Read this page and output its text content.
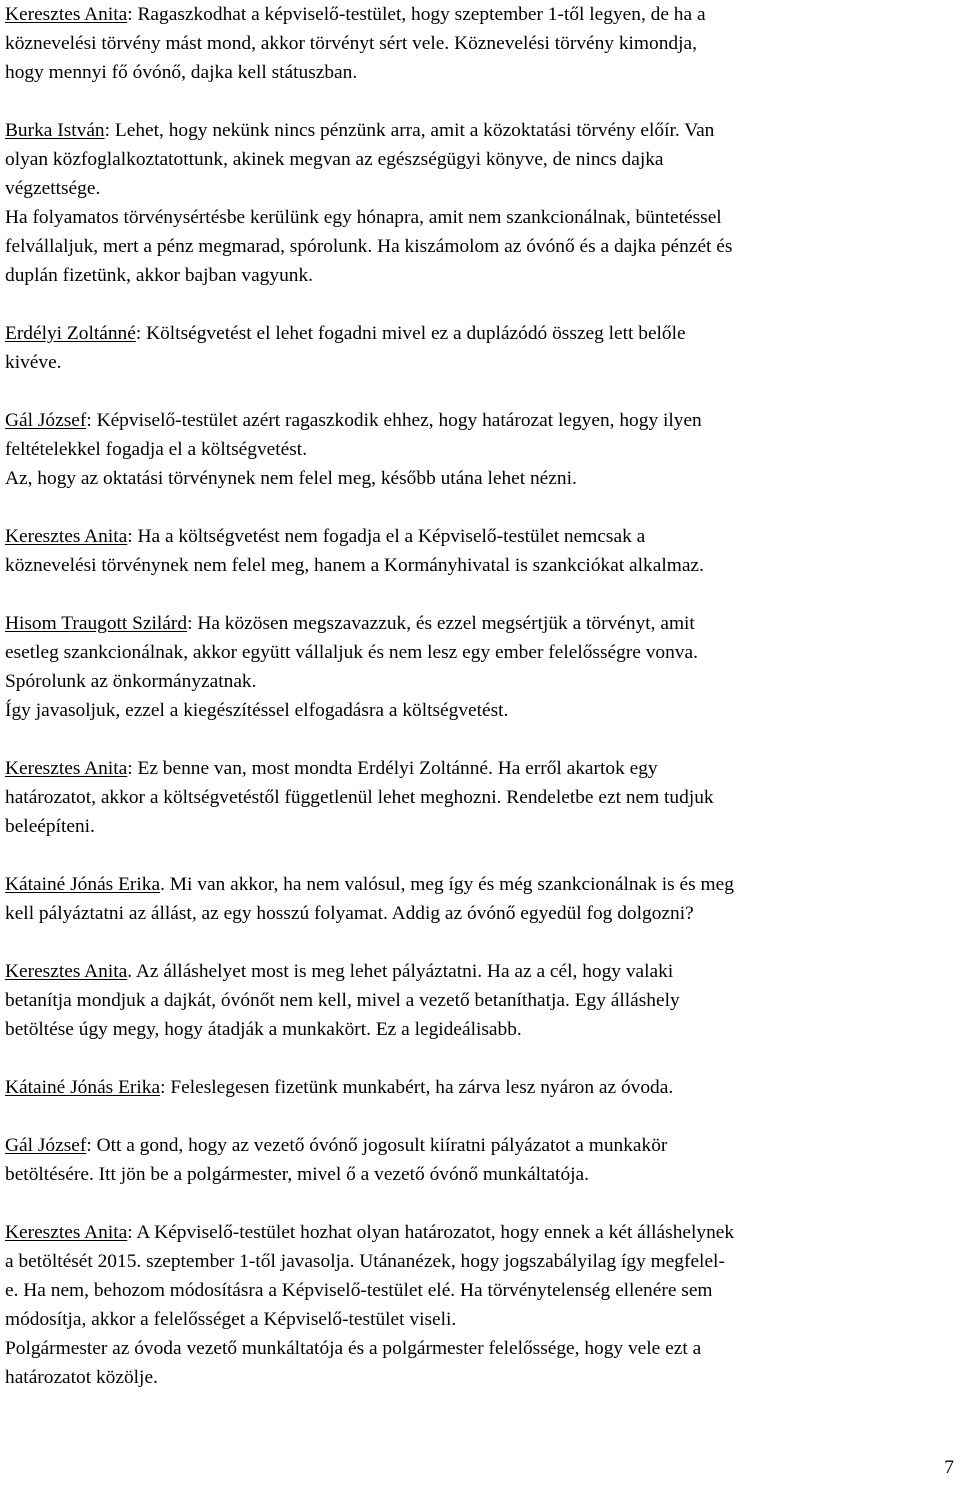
Keresztes Anita: Ragaszkodhat a képviselő-testület, hogy szeptember 1-től legyen, de ha a
köznevelési törvény mást mond, akkor törvényt sért vele. Köznevelési törvény kimondja,
hogy mennyi fő óvónő, dajka kell státuszban.
Burka István: Lehet, hogy nekünk nincs pénzünk arra, amit a közoktatási törvény előír. Van
olyan közfoglalkoztatottunk, akinek megvan az egészségügyi könyve, de nincs dajka
végzettsége.
Ha folyamatos törvénysértésbe kerülünk egy hónapra, amit nem szankcionálnak, büntetéssel
felvállaljuk, mert a pénz megmarad, spórolunk. Ha kiszámolom az óvónő és a dajka pénzét és
duplán fizetünk, akkor bajban vagyunk.
Erdélyi Zoltánné: Költségvetést el lehet fogadni mivel ez a duplázódó összeg lett belőle
kivéve.
Gál József: Képviselő-testület azért ragaszkodik ehhez, hogy határozat legyen, hogy ilyen
feltételekkel fogadja el a költségvetést.
Az, hogy az oktatási törvénynek nem felel meg, később utána lehet nézni.
Keresztes Anita: Ha a költségvetést nem fogadja el a Képviselő-testület nemcsak a
köznevelési törvénynek nem felel meg, hanem a Kormányhivatal is szankciókat alkalmaz.
Hisom Traugott Szilárd: Ha közösen megszavazzuk, és ezzel megsértjük a törvényt, amit
esetleg szankcionálnak, akkor együtt vállaljuk és nem lesz egy ember felelősségre vonva.
Spórolunk az önkormányzatnak.
Így javasoljuk, ezzel a kiegészítéssel elfogadásra a költségvetést.
Keresztes Anita: Ez benne van, most mondta Erdélyi Zoltánné. Ha erről akartok egy
határozatot, akkor a költségvetéstől függetlenül lehet meghozni. Rendeletbe ezt nem tudjuk
beleépíteni.
Kátainé Jónás Erika. Mi van akkor, ha nem valósul, meg így és még szankcionálnak is és meg
kell pályáztatni az állást, az egy hosszú folyamat. Addig az óvónő egyedül fog dolgozni?
Keresztes Anita. Az álláshelyet most is meg lehet pályáztatni. Ha az a cél, hogy valaki
betanítja mondjuk a dajkát, óvónőt nem kell, mivel a vezető betaníthatja. Egy álláshely
betöltése úgy megy, hogy átadják a munkakört. Ez a legideálisabb.
Kátainé Jónás Erika: Feleslegesen fizetünk munkabért, ha zárva lesz nyáron az óvoda.
Gál József: Ott a gond, hogy az vezető óvónő jogosult kiíratni pályázatot a munkakör
betöltésére. Itt jön be a polgármester, mivel ő a vezető óvónő munkáltatója.
Keresztes Anita: A Képviselő-testület hozhat olyan határozatot, hogy ennek a két álláshelynek
a betöltését 2015. szeptember 1-től javasolja. Utánanézek, hogy jogszabályilag így megfelel-
e. Ha nem, behozom módosításra a Képviselő-testület elé. Ha törvénytelenség ellenére sem
módosítja, akkor a felelősséget a Képviselő-testület viseli.
Polgármester az óvoda vezető munkáltatója és a polgármester felelőssége, hogy vele ezt a
határozatot közölje.
7
